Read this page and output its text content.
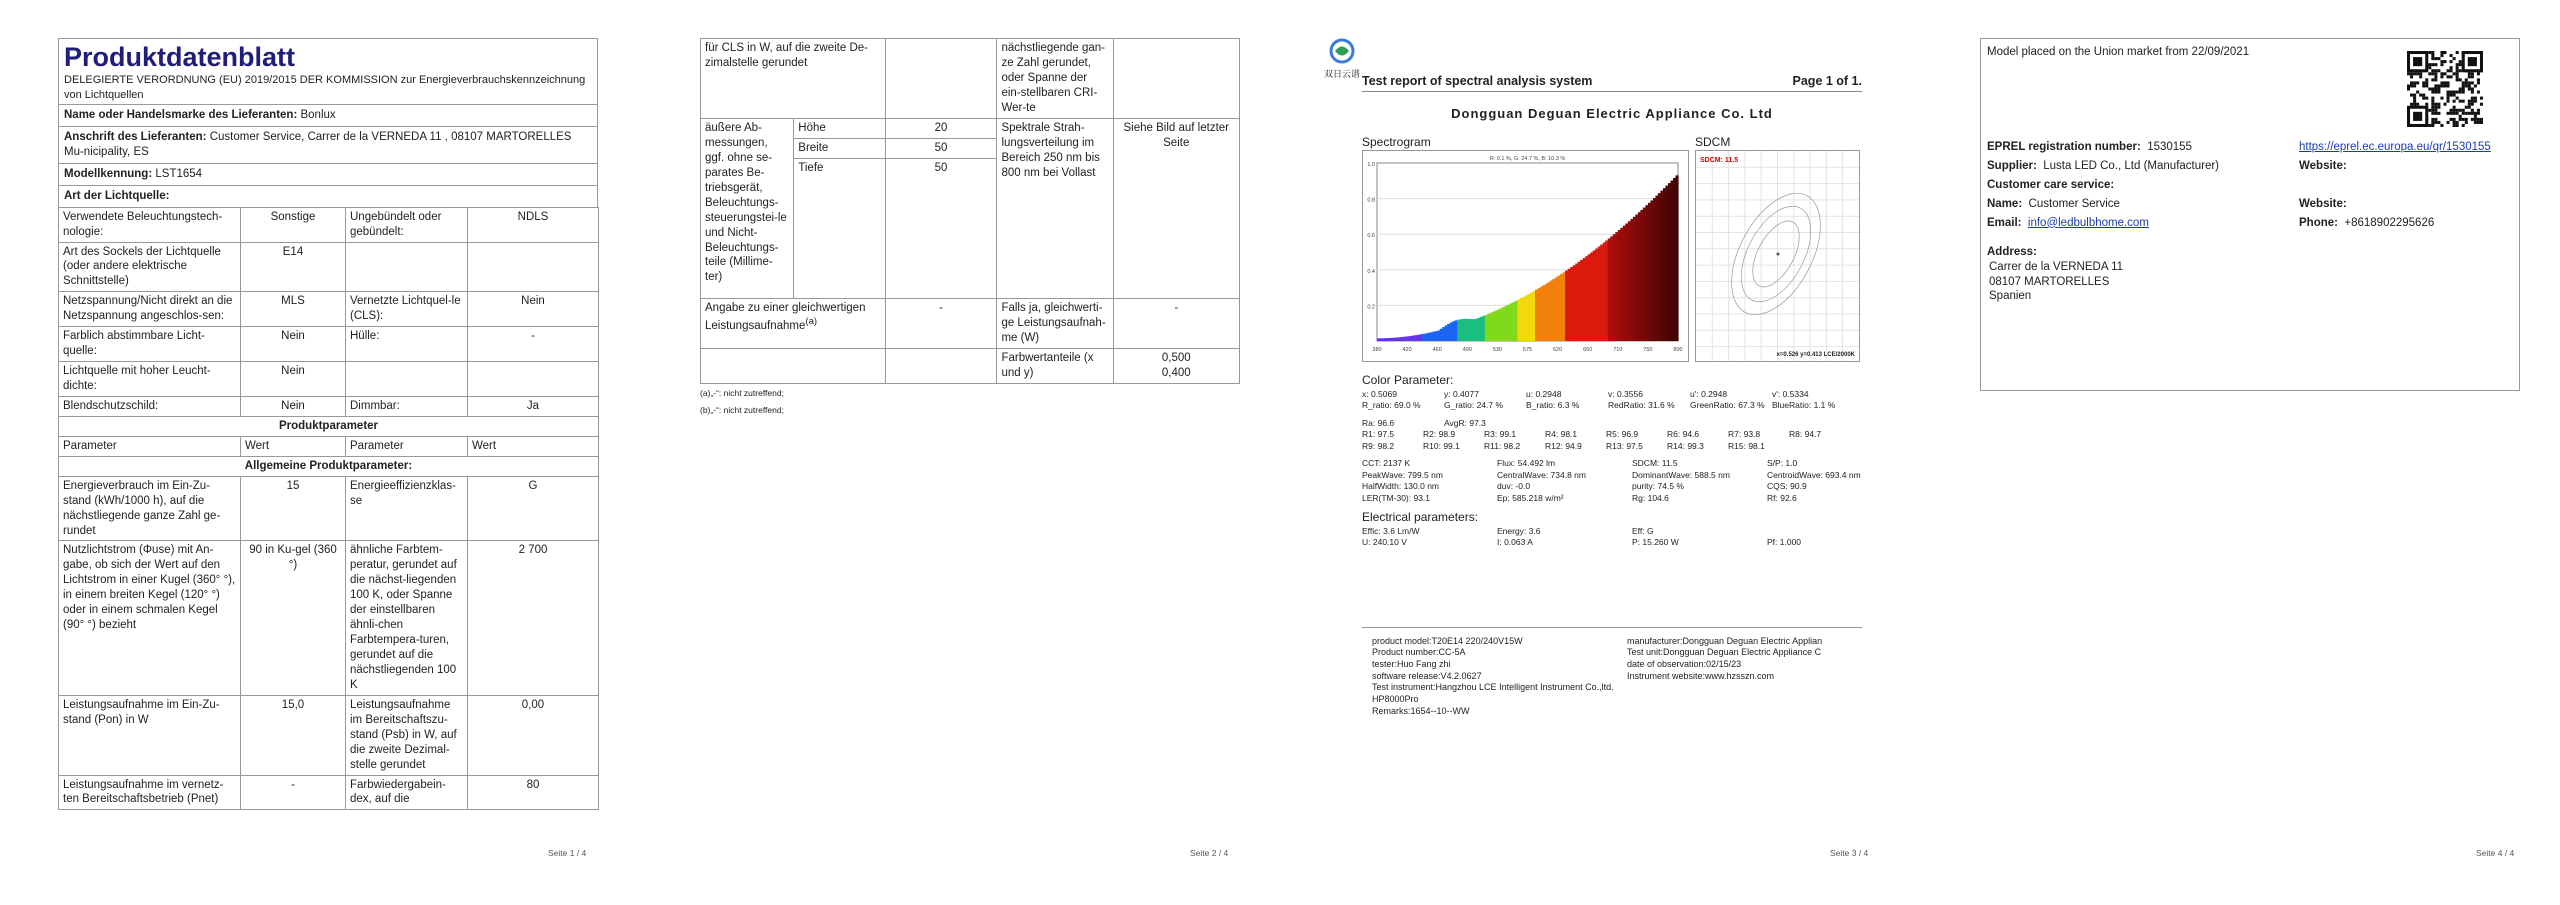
Produktdatenblatt
DELEGIERTE VERORDNUNG (EU) 2019/2015 DER KOMMISSION zur Energieverbrauchskennzeichnung von Lichtquellen
Name oder Handelsmarke des Lieferanten: Bonlux
Anschrift des Lieferanten: Customer Service, Carrer de la VERNEDA 11 , 08107 MARTORELLES Mu-nicipality, ES
Modellkennung: LST1654
Art der Lichtquelle:
Verwendete Beleuchtungstech-nologie:	Sonstige	Ungebündelt oder gebündelt:	NDLS
Art des Sockels der Lichtquelle (oder andere elektrische Schnittstelle)	E14		
Netzspannung/Nicht direkt an die Netzspannung angeschlos-sen:	MLS	Vernetzte Lichtquel-le (CLS):	Nein
Farblich abstimmbare Licht-quelle:	Nein	Hülle:	-
Lichtquelle mit hoher Leucht-dichte:	Nein		
Blendschutzschild:	Nein	Dimmbar:	Ja
Produktparameter			
Parameter	Wert	Parameter	Wert
Allgemeine Produktparameter:			
Energieverbrauch im Ein-Zu-stand (kWh/1000 h), auf die nächstliegende ganze Zahl ge-rundet	15	Energieeffizienzklas-se	G
Nutzlichtstrom (Φuse) mit An-gabe, ob sich der Wert auf den Lichtstrom in einer Kugel (360° °), in einem breiten Kegel (120° °) oder in einem schmalen Kegel (90° °) bezieht	90 in Ku-gel (360 °)	ähnliche Farbtem-peratur, gerundet auf die nächst-liegenden 100 K, oder Spanne der einstellbaren ähnli-chen Farbtempera-turen, gerundet auf die nächstliegenden 100 K	2 700
Leistungsaufnahme im Ein-Zu-stand (Pon) in W	15,0	Leistungsaufnahme im Bereitschaftszu-stand (Psb) in W, auf die zweite Dezimal-stelle gerundet	0,00
Leistungsaufnahme im vernetz-ten Bereitschaftsbetrieb (Pnet)	-	Farbwiedergabein-dex, auf die	80
Seite 1 / 4
für CLS in W, auf die zweite De-zimalstelle gerundet			nächstliegende gan-ze Zahl gerundet, oder Spanne der ein-stellbaren CRI-Wer-te	
äußere Ab-messungen, ggf. ohne se-parates Be-triebsgerät, Beleuchtungs-steuerungstei-le und Nicht-Beleuchtungs-teile (Millime-ter)	Höhe	20	Spektrale Strah-lungsverteilung im Bereich 250 nm bis 800 nm bei Vollast	Siehe Bild auf letzter Seite
	Breite	50		
	Tiefe	50		
Angabe zu einer gleichwertigen Leistungsaufnahme$^{(a)}$		-	Falls ja, gleichwerti-ge Leistungsaufnah-me (W)	-
			Farbwertanteile (x und y)	0,500
0,400
(a)„-“: nicht zutreffend;
(b)„-“: nicht zutreffend;
Seite 2 / 4
双日云谱 Test report of spectral analysis system	Page 1 of 1.
Dongguan Deguan Electric Appliance Co. Ltd
Spectrogram
380	420	460	490	530	575	620	660	710	750	800
1.0
0.8
0.6
0.4
0.2
R: 0.1 %, G: 24.7 %, B: 10.3 %
SDCM
SDCM: 11.5
x=0.526 y=0.413 LCE/2000K
Color Parameter:
x: 0.5069	y: 0.4077	u: 0.2948	v: 0.3556	u': 0.2948	v': 0.5334
R_ratio: 69.0 %	G_ratio: 24.7 %	B_ratio: 6.3 %	RedRatio: 31.6 %	GreenRatio: 67.3 % BlueRatio: 1.1 %
Ra: 96.6	AvgR: 97.3
R1: 97.5	R2: 98.9	R3: 99.1	R4: 98.1	R5: 96.9	R6: 94.6	R7: 93.8	R8: 94.7
R9: 98.2	R10: 99.1	R11: 98.2	R12: 94.9	R13: 97.5	R14: 99.3	R15: 98.1
CCT: 2137 K	Flux: 54.492 lm	SDCM: 11.5	S/P: 1.0
PeakWave: 799.5 nm	CentralWave: 734.8 nm	DominantWave: 588.5 nm	CentroidWave: 693.4 nm
HalfWidth: 130.0 nm	duv: -0.0	purity: 74.5 %	CQS: 90.9
LER(TM-30): 93.1	Ep: 585.218 w/m²	Rg: 104.6	Rf: 92.6
Electrical parameters:
Effic: 3.6 Lm/W	Energy: 3.6	Eff: G
U: 240.10 V	I: 0.063 A	P: 15.260 W	Pf: 1.000
product model:T20E14 220/240V15W
Product number:CC-5A
tester:Huo Fang zhi
software release:V4.2.0627
Test instrument:Hangzhou LCE Intelligent Instrument Co.,ltd. HP8000Pro
Remarks:1654--10--WW
manufacturer:Dongguan Deguan Electric Applian
Test unit:Dongguan Deguan Electric Appliance C
date of observation:02/15/23
Instrument website:www.hzsszn.com
Seite 3 / 4
Model placed on the Union market from 22/09/2021
EPREL registration number: 1530155	https://eprel.ec.europa.eu/qr/1530155
Supplier: Lusta LED Co., Ltd (Manufacturer)	Website:
Customer care service:
Name: Customer Service	Website:
Email: info@ledbulbhome.com	Phone: +8618902295626
Address:
Carrer de la VERNEDA 11
08107 MARTORELLES
Spanien
Seite 4 / 4
